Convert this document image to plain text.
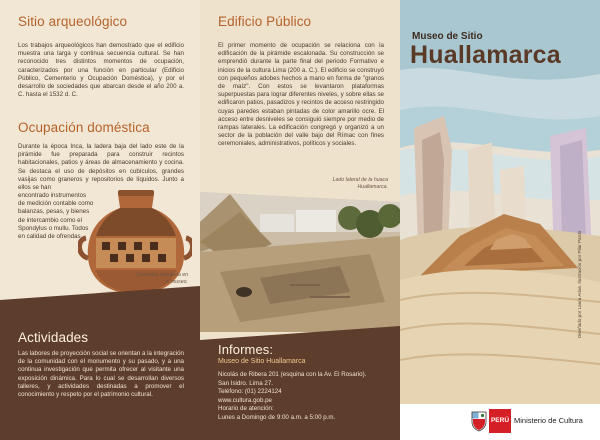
Sitio arqueológico

Los trabajos arqueológicos han demostrado que el edificio muestra una larga y continua secuencia cultural. Se han reconocido tres distintos momentos de ocupación, caracterizados por una función en particular (Edificio Público, Cementerio y Ocupación Doméstica), y por el desarrollo de sociedades que abarcan desde el año 200 a. C. hasta el 1532 d. C.

Ocupación doméstica

Durante la época Inca, la ladera baja del lado este de la pirámide fue preparada para construir recintos habitacionales, patios y áreas de almacenamiento y cocina. Se destaca el uso de depósitos en cubículos, grandes vasijas como graneros y repositorios de líquidos. Junto a ellos se han

encontrado instrumentos de medición contable como balanzas, pesas, y bienes de intercambio como el Spondylus o mullu. Todos en calidad de ofrendas.

Cerámica expuesta en el museo.

Actividades

Las labores de proyección social se orientan a la integración de la comunidad con el monumento y su pasado, y a una continua investigación que permita ofrecer al visitante una exposición dinámica. Para lo cual se desarrollan diversos talleres, y actividades destinadas a promover el conocimiento y respeto por el patrimonio cultural.

Edificio Público

El primer momento de ocupación se relaciona con la edificación de la pirámide escalonada. Su construcción se emprendió durante la parte final del periodo Formativo e inicios de la cultura Lima (200 a. C.). El edificio se construyó con pequeños adobes hechos a mano en forma de "granos de maíz". Con estos se levantaron plataformas superpuestas para lograr diferentes niveles, y sobre ellas se edificaron patios, pasadizos y recintos de acceso restringido cuyas paredes estaban pintadas de color amarillo ocre. El acceso entre desniveles se consiguió siempre por medio de rampas laterales. La edificación congregó y organizó a un sector de la población del valle bajo del Rímac con fines ceremoniales, administrativos, políticos y sociales.

Lado lateral de la huaca Huallamarca.

Informes:

Museo de Sitio Huallamarca

Nicolás de Ribera 201 (esquina con la Av. El Rosario).
San Isidro. Lima 27.
Teléfono: (01) 2224124
www.cultura.gob.pe
Horario de atención:
Lunes a Domingo de 9:00 a.m. a 5:00 p.m.

Museo de Sitio

Huallamarca

Diseñado por Laura Arias. Ilustración por Pilar Pardo

PERÚ Ministerio de Cultura
